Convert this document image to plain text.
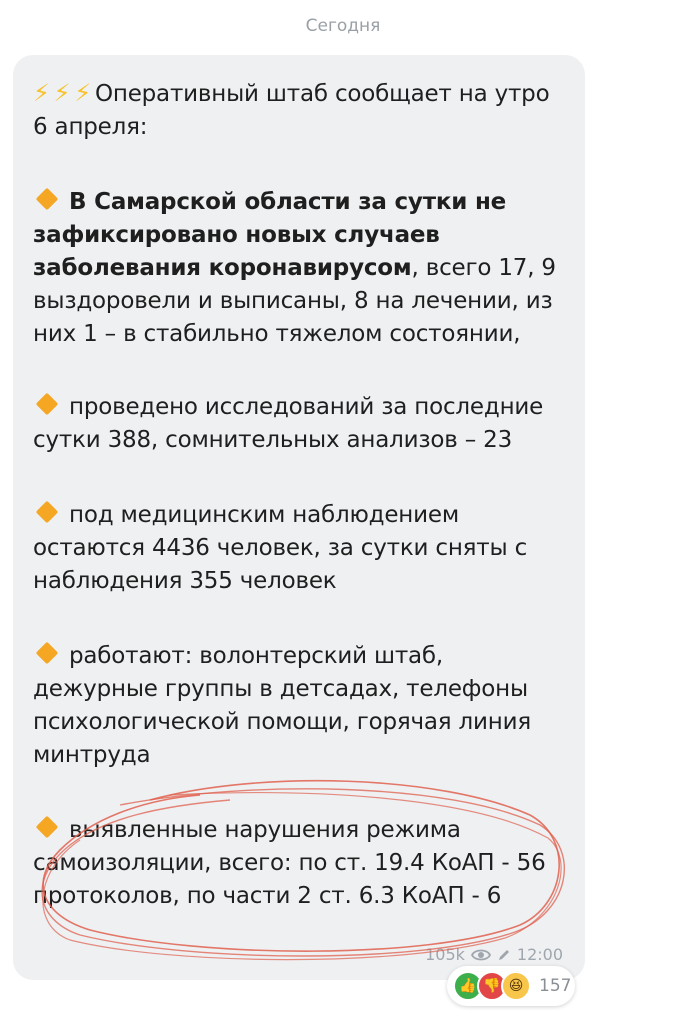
Сегодня

⚡ ⚡ ⚡ Оперативный штаб сообщает на утро 6 апреля:

В Самарской области за сутки не зафиксировано новых случаев заболевания коронавирусом, всего 17, 9 выздоровели и выписаны, 8 на лечении, из них 1 – в стабильно тяжелом состоянии,

проведено исследований за последние сутки 388, сомнительных анализов – 23

под медицинским наблюдением остаются 4436 человек, за сутки сняты с наблюдения 355 человек

работают: волонтерский штаб, дежурные группы в детсадах, телефоны психологической помощи, горячая линия минтруда

выявленные нарушения режима самоизоляции, всего: по ст. 19.4 КоАП - 56 протоколов, по части 2 ст. 6.3 КоАП - 6

105k	12:00
👍 👎 😆 157
